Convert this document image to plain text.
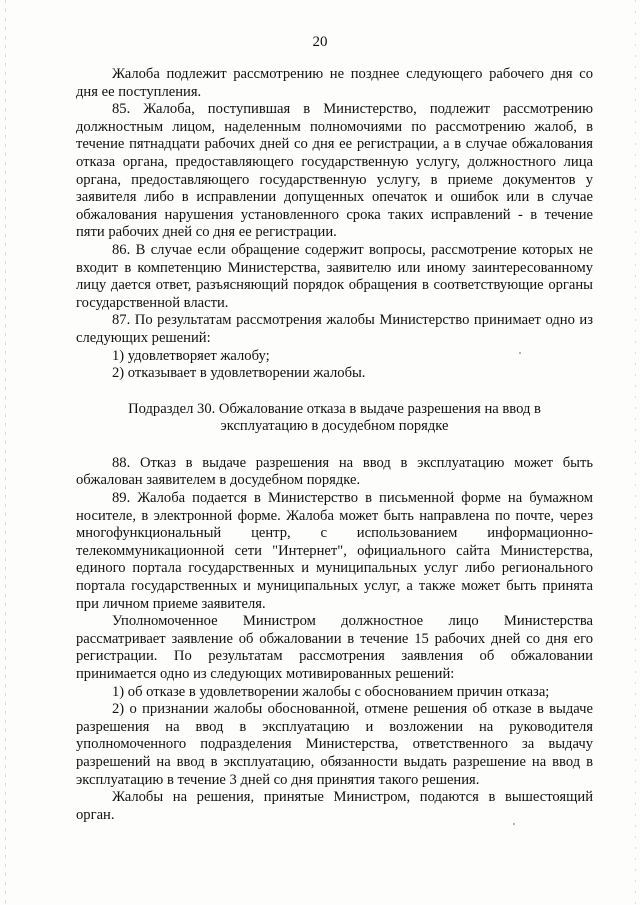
20

Жалоба подлежит рассмотрению не позднее следующего рабочего дня со дня ее поступления.

85. Жалоба, поступившая в Министерство, подлежит рассмотрению должностным лицом, наделенным полномочиями по рассмотрению жалоб, в течение пятнадцати рабочих дней со дня ее регистрации, а в случае обжалования отказа органа, предоставляющего государственную услугу, должностного лица органа, предоставляющего государственную услугу, в приеме документов у заявителя либо в исправлении допущенных опечаток и ошибок или в случае обжалования нарушения установленного срока таких исправлений - в течение пяти рабочих дней со дня ее регистрации.

86. В случае если обращение содержит вопросы, рассмотрение которых не входит в компетенцию Министерства, заявителю или иному заинтересованному лицу дается ответ, разъясняющий порядок обращения в соответствующие органы государственной власти.

87. По результатам рассмотрения жалобы Министерство принимает одно из следующих решений:

1) удовлетворяет жалобу;

2) отказывает в удовлетворении жалобы.

Подраздел 30. Обжалование отказа в выдаче разрешения на ввод в эксплуатацию в досудебном порядке

88. Отказ в выдаче разрешения на ввод в эксплуатацию может быть обжалован заявителем в досудебном порядке.

89. Жалоба подается в Министерство в письменной форме на бумажном носителе, в электронной форме. Жалоба может быть направлена по почте, через многофункциональный центр, с использованием информационно-телекоммуникационной сети "Интернет", официального сайта Министерства, единого портала государственных и муниципальных услуг либо регионального портала государственных и муниципальных услуг, а также может быть принята при личном приеме заявителя.

Уполномоченное Министром должностное лицо Министерства рассматривает заявление об обжаловании в течение 15 рабочих дней со дня его регистрации. По результатам рассмотрения заявления об обжаловании принимается одно из следующих мотивированных решений:

1) об отказе в удовлетворении жалобы с обоснованием причин отказа;

2) о признании жалобы обоснованной, отмене решения об отказе в выдаче разрешения на ввод в эксплуатацию и возложении на руководителя уполномоченного подразделения Министерства, ответственного за выдачу разрешений на ввод в эксплуатацию, обязанности выдать разрешение на ввод в эксплуатацию в течение 3 дней со дня принятия такого решения.

Жалобы на решения, принятые Министром, подаются в вышестоящий орган.
